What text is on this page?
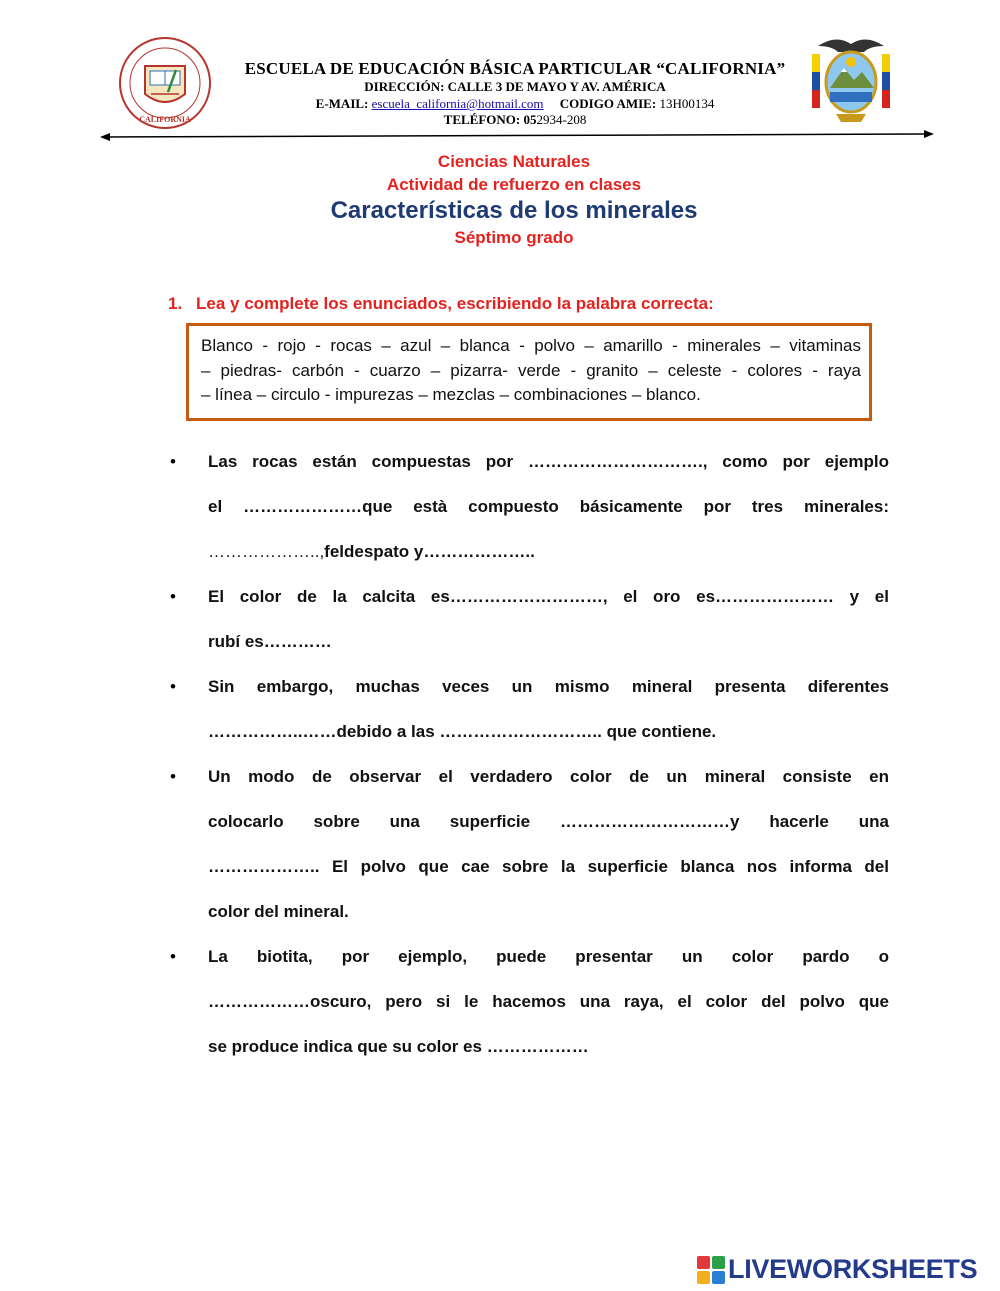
CALIFORNIA
ESCUELA DE EDUCACIÓN BÁSICA PARTICULAR “CALIFORNIA”
DIRECCIÓN: CALLE 3 DE MAYO Y AV. AMÉRICA
E-MAIL: escuela_california@hotmail.com CODIGO AMIE: 13H00134
TELÉFONO: 052934-208
Ciencias Naturales
Actividad de refuerzo en clases
Características de los minerales
Séptimo grado
1. Lea y complete los enunciados, escribiendo la palabra correcta:
Blanco - rojo - rocas – azul – blanca - polvo – amarillo - minerales – vitaminas
– piedras- carbón - cuarzo – pizarra- verde - granito – celeste - colores - raya
– línea – circulo - impurezas – mezclas – combinaciones – blanco.
• Las rocas están compuestas por …………………………., como por ejemplo
el …………………que està compuesto básicamente por tres minerales:
………………..,feldespato y………………..
• El color de la calcita es………………………, el oro es………………… y el
rubí es…………
• Sin embargo, muchas veces un mismo mineral presenta diferentes
……………..……debido a las ……………………….. que contiene.
• Un modo de observar el verdadero color de un mineral consiste en
colocarlo sobre una superficie …………………………y hacerle una
……………….. El polvo que cae sobre la superficie blanca nos informa del
color del mineral.
• La biotita, por ejemplo, puede presentar un color pardo o
………………oscuro, pero si le hacemos una raya, el color del polvo que
se produce indica que su color es ………………
LIVEWORKSHEETS
